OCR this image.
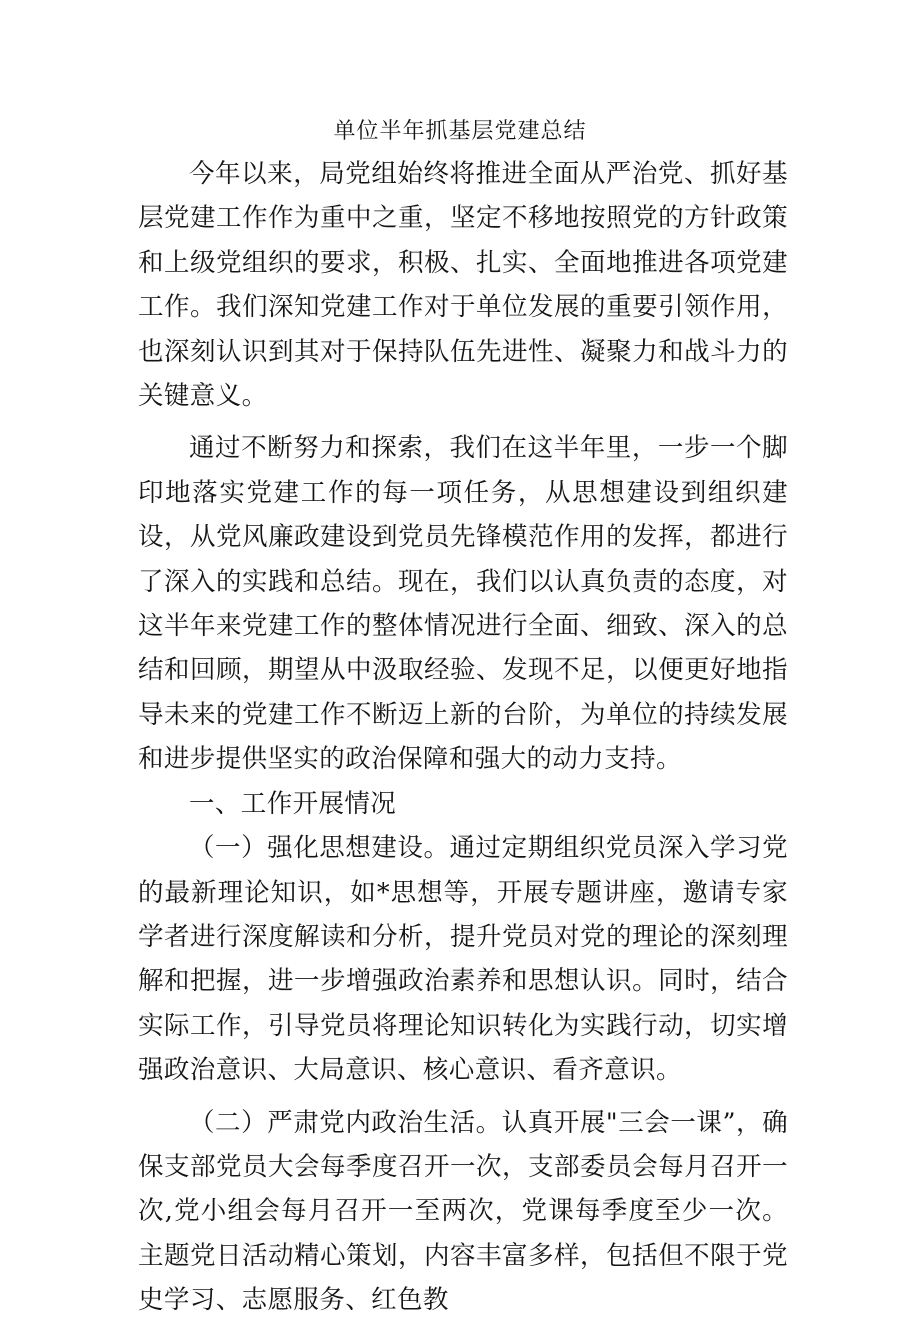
单位半年抓基层党建总结

今年以来，局党组始终将推进全面从严治党、抓好基层党建工作作为重中之重，坚定不移地按照党的方针政策和上级党组织的要求，积极、扎实、全面地推进各项党建工作。我们深知党建工作对于单位发展的重要引领作用，也深刻认识到其对于保持队伍先进性、凝聚力和战斗力的关键意义。

通过不断努力和探索，我们在这半年里，一步一个脚印地落实党建工作的每一项任务，从思想建设到组织建设，从党风廉政建设到党员先锋模范作用的发挥，都进行了深入的实践和总结。现在，我们以认真负责的态度，对这半年来党建工作的整体情况进行全面、细致、深入的总结和回顾，期望从中汲取经验、发现不足，以便更好地指导未来的党建工作不断迈上新的台阶，为单位的持续发展和进步提供坚实的政治保障和强大的动力支持。

一、工作开展情况

（一）强化思想建设。通过定期组织党员深入学习党的最新理论知识，如*思想等，开展专题讲座，邀请专家学者进行深度解读和分析，提升党员对党的理论的深刻理解和把握，进一步增强政治素养和思想认识。同时，结合实际工作，引导党员将理论知识转化为实践行动，切实增强政治意识、大局意识、核心意识、看齐意识。

（二）严肃党内政治生活。认真开展"三会一课”，确保支部党员大会每季度召开一次，支部委员会每月召开一次,党小组会每月召开一至两次，党课每季度至少一次。主题党日活动精心策划，内容丰富多样，包括但不限于党史学习、志愿服务、红色教
